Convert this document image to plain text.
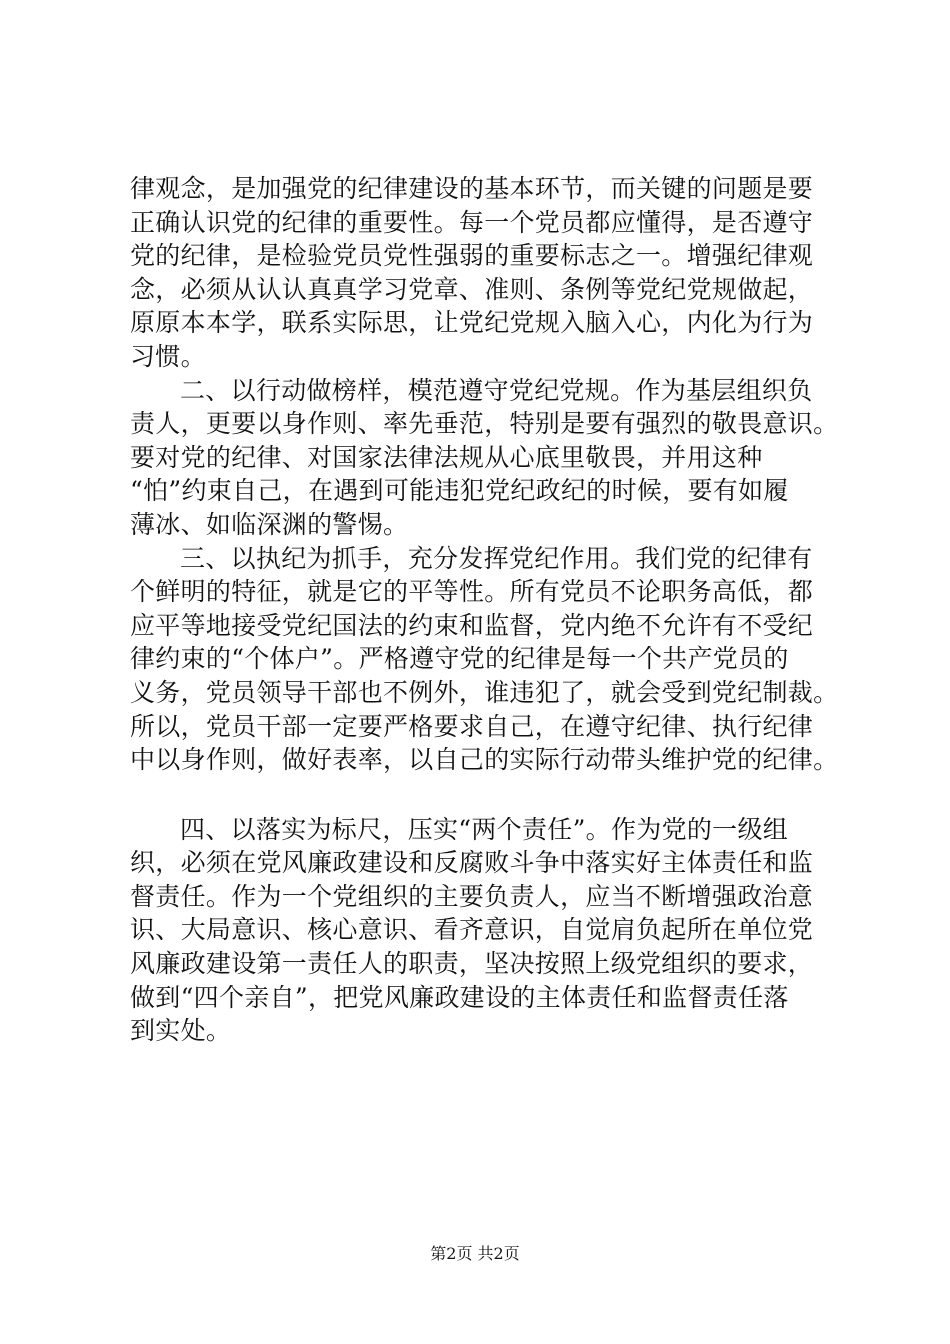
律观念，是加强党的纪律建设的基本环节，而关键的问题是要
正确认识党的纪律的重要性。每一个党员都应懂得，是否遵守
党的纪律，是检验党员党性强弱的重要标志之一。增强纪律观
念，必须从认认真真学习党章、准则、条例等党纪党规做起，
原原本本学，联系实际思，让党纪党规入脑入心，内化为行为
习惯。
二、以行动做榜样，模范遵守党纪党规。作为基层组织负
责人，更要以身作则、率先垂范，特别是要有强烈的敬畏意识。
要对党的纪律、对国家法律法规从心底里敬畏，并用这种
“怕”约束自己，在遇到可能违犯党纪政纪的时候，要有如履
薄冰、如临深渊的警惕。
三、以执纪为抓手，充分发挥党纪作用。我们党的纪律有
个鲜明的特征，就是它的平等性。所有党员不论职务高低，都
应平等地接受党纪国法的约束和监督，党内绝不允许有不受纪
律约束的“个体户”。严格遵守党的纪律是每一个共产党员的
义务，党员领导干部也不例外，谁违犯了，就会受到党纪制裁。
所以，党员干部一定要严格要求自己，在遵守纪律、执行纪律
中以身作则，做好表率，以自己的实际行动带头维护党的纪律。
四、以落实为标尺，压实“两个责任”。作为党的一级组
织，必须在党风廉政建设和反腐败斗争中落实好主体责任和监
督责任。作为一个党组织的主要负责人，应当不断增强政治意
识、大局意识、核心意识、看齐意识，自觉肩负起所在单位党
风廉政建设第一责任人的职责，坚决按照上级党组织的要求，
做到“四个亲自”，把党风廉政建设的主体责任和监督责任落
到实处。
第2页 共2页
